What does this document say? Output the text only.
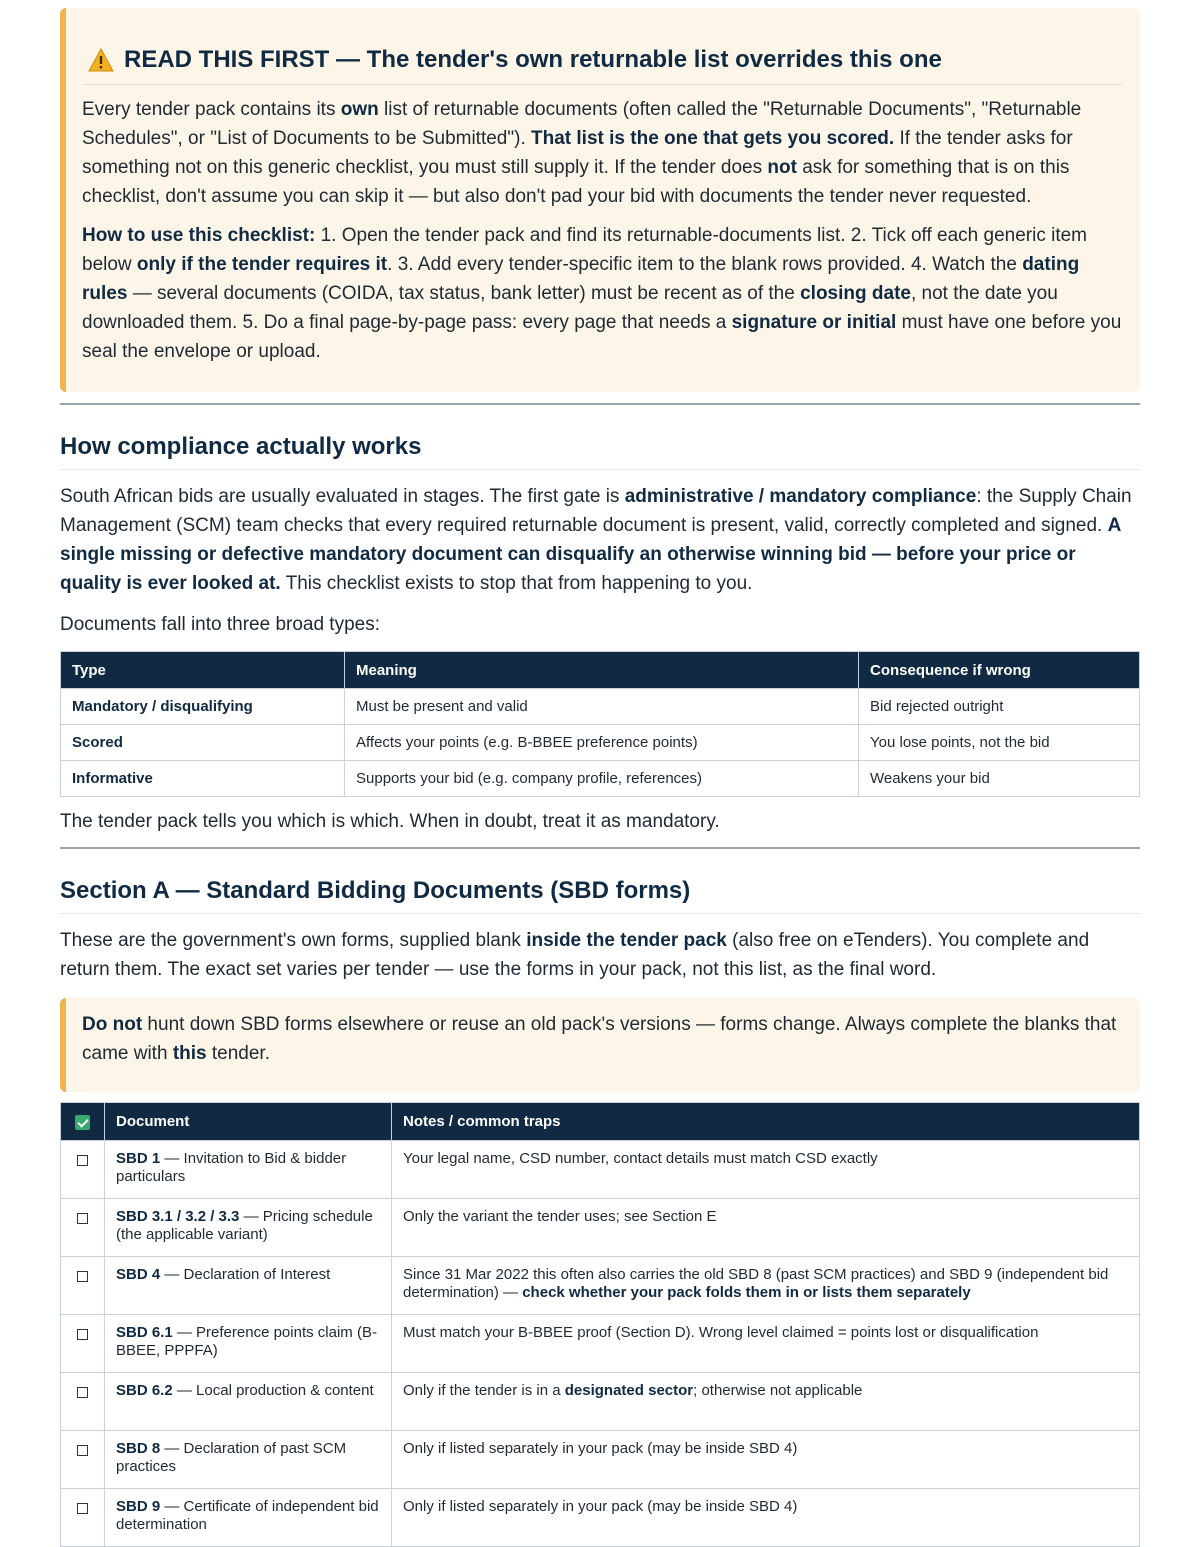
READ THIS FIRST — The tender's own returnable list overrides this one

Every tender pack contains its own list of returnable documents (often called the "Returnable Documents", "Returnable Schedules", or "List of Documents to be Submitted"). That list is the one that gets you scored. If the tender asks for something not on this generic checklist, you must still supply it. If the tender does not ask for something that is on this checklist, don't assume you can skip it — but also don't pad your bid with documents the tender never requested.

How to use this checklist: 1. Open the tender pack and find its returnable-documents list. 2. Tick off each generic item below only if the tender requires it. 3. Add every tender-specific item to the blank rows provided. 4. Watch the dating rules — several documents (COIDA, tax status, bank letter) must be recent as of the closing date, not the date you downloaded them. 5. Do a final page-by-page pass: every page that needs a signature or initial must have one before you seal the envelope or upload.

How compliance actually works

South African bids are usually evaluated in stages. The first gate is administrative / mandatory compliance: the Supply Chain Management (SCM) team checks that every required returnable document is present, valid, correctly completed and signed. A single missing or defective mandatory document can disqualify an otherwise winning bid — before your price or quality is ever looked at. This checklist exists to stop that from happening to you.

Documents fall into three broad types:

Type	Meaning	Consequence if wrong
Mandatory / disqualifying	Must be present and valid	Bid rejected outright
Scored	Affects your points (e.g. B-BBEE preference points)	You lose points, not the bid
Informative	Supports your bid (e.g. company profile, references)	Weakens your bid

The tender pack tells you which is which. When in doubt, treat it as mandatory.

Section A — Standard Bidding Documents (SBD forms)

These are the government's own forms, supplied blank inside the tender pack (also free on eTenders). You complete and return them. The exact set varies per tender — use the forms in your pack, not this list, as the final word.

Do not hunt down SBD forms elsewhere or reuse an old pack's versions — forms change. Always complete the blanks that came with this tender.

	Document	Notes / common traps
	SBD 1 — Invitation to Bid & bidder particulars	Your legal name, CSD number, contact details must match CSD exactly
	SBD 3.1 / 3.2 / 3.3 — Pricing schedule (the applicable variant)	Only the variant the tender uses; see Section E
	SBD 4 — Declaration of Interest	Since 31 Mar 2022 this often also carries the old SBD 8 (past SCM practices) and SBD 9 (independent bid determination) — check whether your pack folds them in or lists them separately
	SBD 6.1 — Preference points claim (B-BBEE, PPPFA)	Must match your B-BBEE proof (Section D). Wrong level claimed = points lost or disqualification
	SBD 6.2 — Local production & content	Only if the tender is in a designated sector; otherwise not applicable
	SBD 8 — Declaration of past SCM practices	Only if listed separately in your pack (may be inside SBD 4)
	SBD 9 — Certificate of independent bid determination	Only if listed separately in your pack (may be inside SBD 4)
